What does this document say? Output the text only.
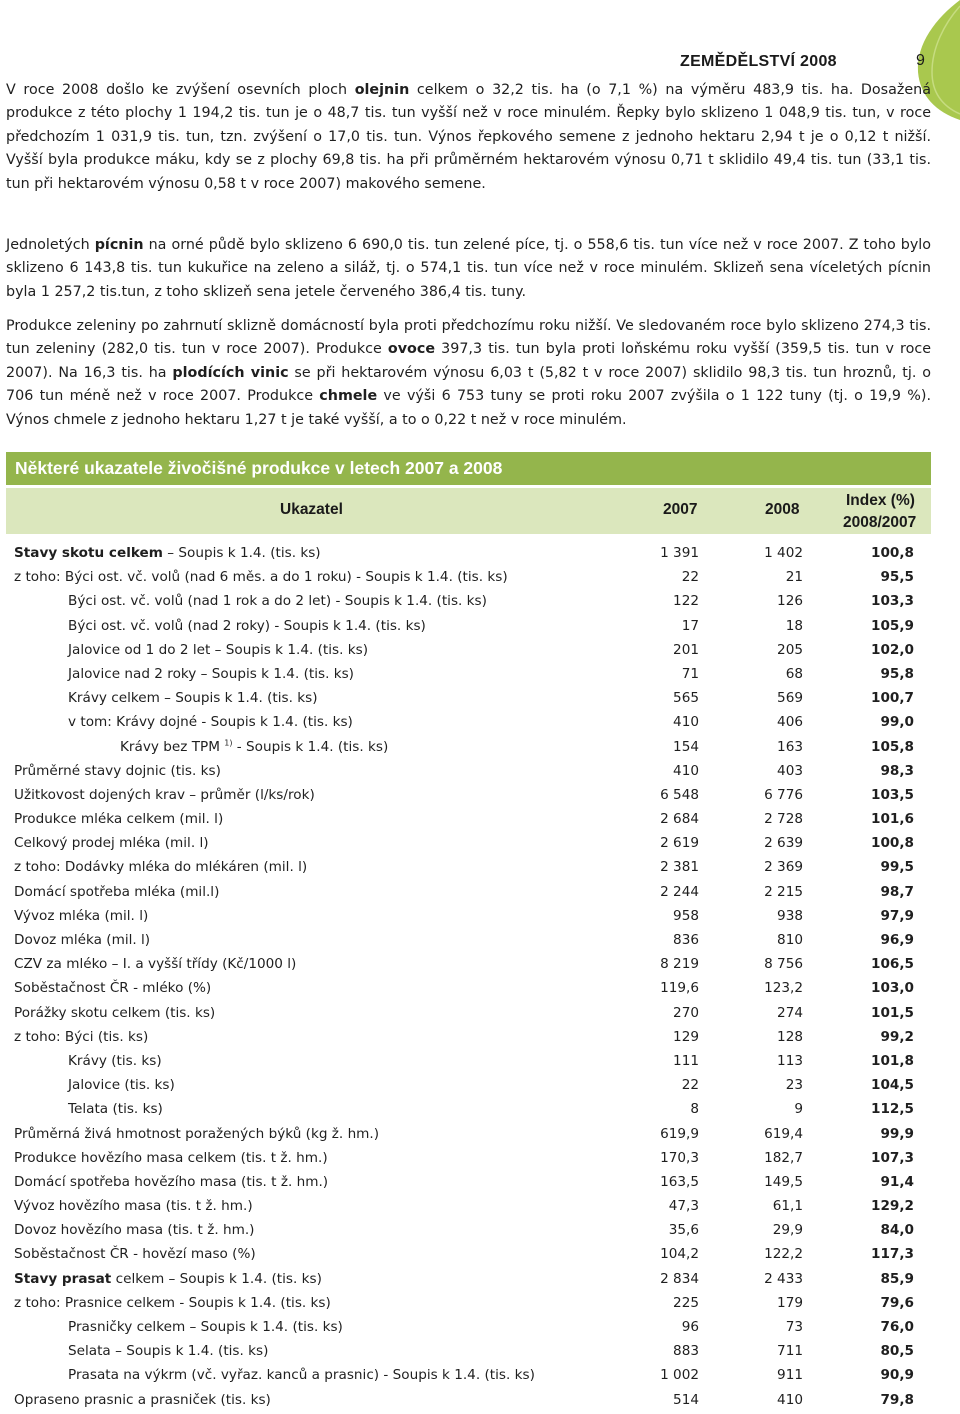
ZEMĚDĚLSTVÍ 2008	9

V roce 2008 došlo ke zvýšení osevních ploch olejnin celkem o 32,2 tis. ha (o 7,1 %) na výměru 483,9 tis. ha. Dosažená produkce z této plochy 1 194,2 tis. tun je o 48,7 tis. tun vyšší než v roce minulém. Řepky bylo sklizeno 1 048,9 tis. tun, v roce předchozím 1 031,9 tis. tun, tzn. zvýšení o 17,0 tis. tun. Výnos řepkového semene z jednoho hektaru 2,94 t je o 0,12 t nižší. Vyšší byla produkce máku, kdy se z plochy 69,8 tis. ha při průměrném hektarovém výnosu 0,71 t sklidilo 49,4 tis. tun (33,1 tis. tun při hektarovém výnosu 0,58 t v roce 2007) makového semene.

Jednoletých pícnin na orné půdě bylo sklizeno 6 690,0 tis. tun zelené píce, tj. o 558,6 tis. tun více než v roce 2007. Z toho bylo sklizeno 6 143,8 tis. tun kukuřice na zeleno a siláž, tj. o 574,1 tis. tun více než v roce minulém. Sklizeň sena víceletých pícnin byla 1 257,2 tis.tun, z toho sklizeň sena jetele červeného 386,4 tis. tuny.

Produkce zeleniny po zahrnutí sklizně domácností byla proti předchozímu roku nižší. Ve sledovaném roce bylo sklizeno 274,3 tis. tun zeleniny (282,0 tis. tun v roce 2007). Produkce ovoce 397,3 tis. tun byla proti loňskému roku vyšší (359,5 tis. tun v roce 2007). Na 16,3 tis. ha plodících vinic se při hektarovém výnosu 6,03 t (5,82 t v roce 2007) sklidilo 98,3 tis. tun hroznů, tj. o 706 tun méně než v roce 2007. Produkce chmele ve výši 6 753 tuny se proti roku 2007 zvýšila o 1 122 tuny (tj. o 19,9 %). Výnos chmele z jednoho hektaru 1,27 t je také vyšší, a to o 0,22 t než v roce minulém.

Některé ukazatele živočišné produkce v letech 2007 a 2008
Ukazatel	2007	2008
Index (%)
2008/2007
Stavy skotu celkem – Soupis k 1.4. (tis. ks)	1 391	1 402	100,8
z toho: Býci ost. vč. volů (nad 6 měs. a do 1 roku) - Soupis k 1.4. (tis. ks)	22	21	95,5
Býci ost. vč. volů (nad 1 rok a do 2 let) - Soupis k 1.4. (tis. ks)	122	126	103,3
Býci ost. vč. volů (nad 2 roky) - Soupis k 1.4. (tis. ks)	17	18	105,9
Jalovice od 1 do 2 let – Soupis k 1.4. (tis. ks)	201	205	102,0
Jalovice nad 2 roky – Soupis k 1.4. (tis. ks)	71	68	95,8
Krávy celkem – Soupis k 1.4. (tis. ks)	565	569	100,7
v tom: Krávy dojné - Soupis k 1.4. (tis. ks)	410	406	99,0
Krávy bez TPM $^{1)}$ - Soupis k 1.4. (tis. ks)	154	163	105,8
Průměrné stavy dojnic (tis. ks)	410	403	98,3
Užitkovost dojených krav – průměr (l/ks/rok)	6 548	6 776	103,5
Produkce mléka celkem (mil. l)	2 684	2 728	101,6
Celkový prodej mléka (mil. l)	2 619	2 639	100,8
z toho: Dodávky mléka do mlékáren (mil. l)	2 381	2 369	99,5
Domácí spotřeba mléka (mil.l)	2 244	2 215	98,7
Vývoz mléka (mil. l)	958	938	97,9
Dovoz mléka (mil. l)	836	810	96,9
CZV za mléko – I. a vyšší třídy (Kč/1000 l)	8 219	8 756	106,5
Soběstačnost ČR - mléko (%)	119,6	123,2	103,0
Porážky skotu celkem (tis. ks)	270	274	101,5
z toho: Býci (tis. ks)	129	128	99,2
Krávy (tis. ks)	111	113	101,8
Jalovice (tis. ks)	22	23	104,5
Telata (tis. ks)	8	9	112,5
Průměrná živá hmotnost poražených býků (kg ž. hm.)	619,9	619,4	99,9
Produkce hovězího masa celkem (tis. t ž. hm.)	170,3	182,7	107,3
Domácí spotřeba hovězího masa (tis. t ž. hm.)	163,5	149,5	91,4
Vývoz hovězího masa (tis. t ž. hm.)	47,3	61,1	129,2
Dovoz hovězího masa (tis. t ž. hm.)	35,6	29,9	84,0
Soběstačnost ČR - hovězí maso (%)	104,2	122,2	117,3
Stavy prasat celkem – Soupis k 1.4. (tis. ks)	2 834	2 433	85,9
z toho: Prasnice celkem - Soupis k 1.4. (tis. ks)	225	179	79,6
Prasničky celkem – Soupis k 1.4. (tis. ks)	96	73	76,0
Selata – Soupis k 1.4. (tis. ks)	883	711	80,5
Prasata na výkrm (vč. vyřaz. kanců a prasnic) - Soupis k 1.4. (tis. ks)	1 002	911	90,9
Opraseno prasnic a prasniček (tis. ks)	514	410	79,8
